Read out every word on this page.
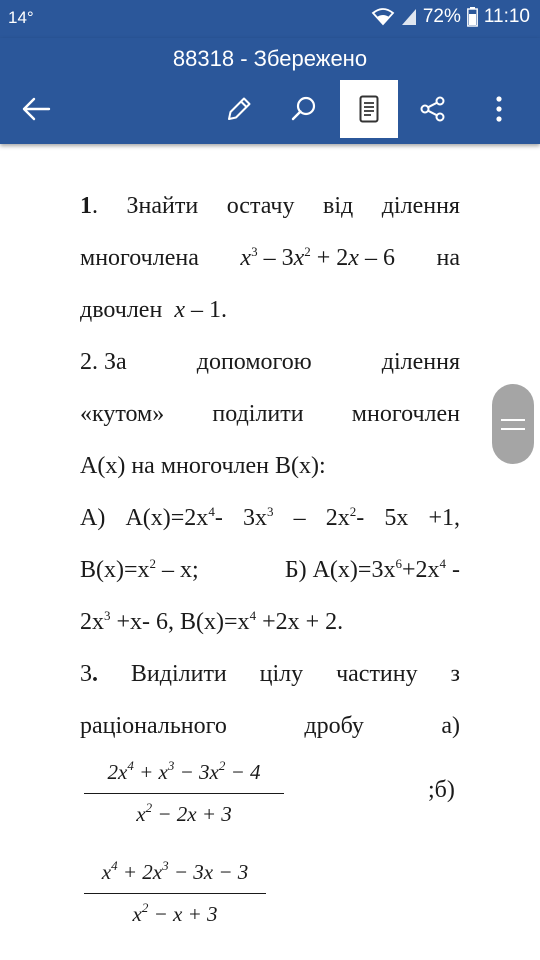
14°	72% 11:10
88318 - Збережено
1. Знайти остачу від ділення
многочлена $x^3 - 3x^2 + 2x - 6$ на
двочлен x – 1.
2. За	допомогою	ділення
«кутом» поділити многочлен
A(x) на многочлен B(x):
A) $A(x)=2x^4-$ $3x^3 - 2x^2-$ 5x +1,
$B(x)=x^2 - x$;	Б) $A(x)=3x^6+2x^4$ -
$2x^3 +x-$ 6, $B(x)=x^4 +2x + 2$.
3. Виділити цілу частину з
раціонального	дробу	а)
$2x^4 + x^3 - 3x^2 - 4$
$x^2 - 2x + 3$
;б)
$x^4 + 2x^3 - 3x - 3$
$x^2 - x + 3$
